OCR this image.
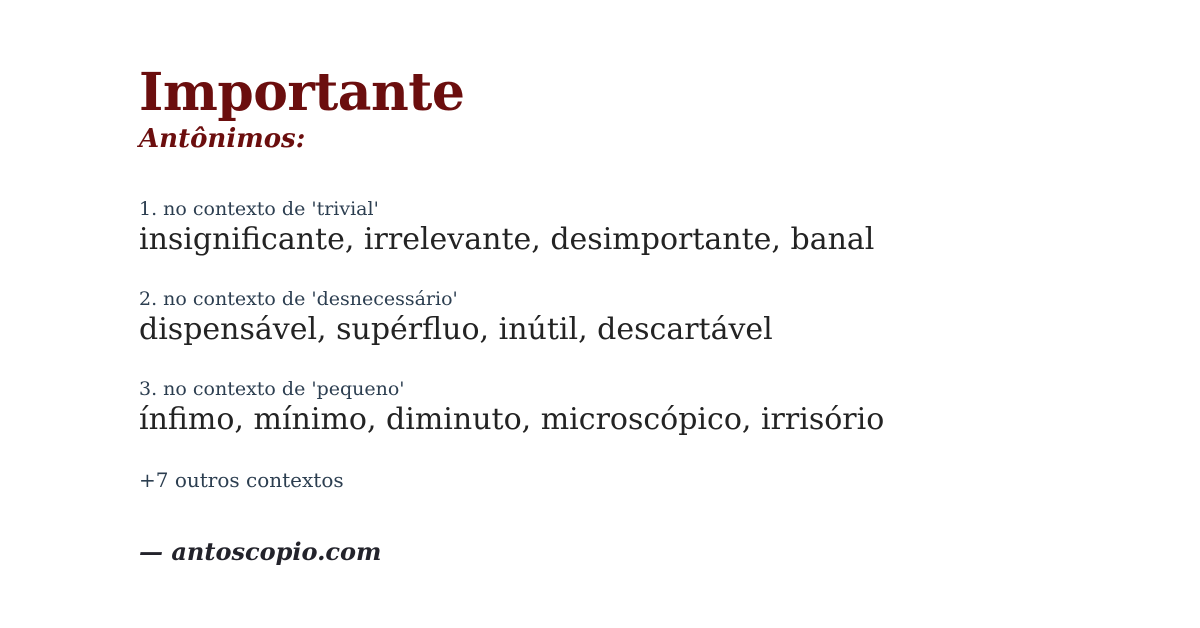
Importante
Antônimos:
1. no contexto de 'trivial'
insignificante, irrelevante, desimportante, banal
2. no contexto de 'desnecessário'
dispensável, supérfluo, inútil, descartável
3. no contexto de 'pequeno'
ínfimo, mínimo, diminuto, microscópico, irrisório
+7 outros contextos
— antoscopio.com
